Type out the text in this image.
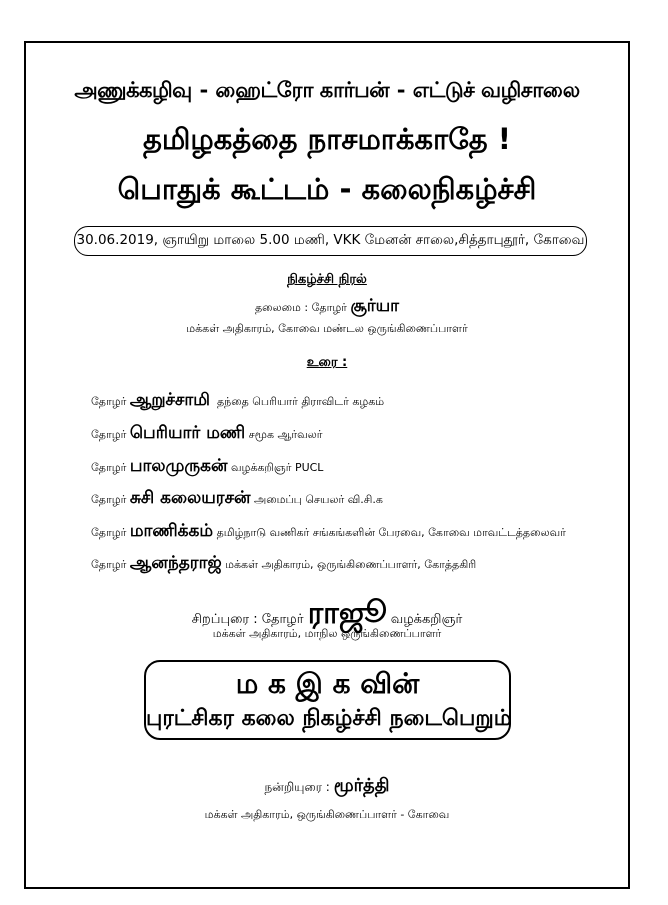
அணுக்கழிவு ⁃ ஹைட்ரோ கார்பன் ⁃ எட்டுச் வழிசாலை
தமிழகத்தை நாசமாக்காதே !
பொதுக் கூட்டம் - கலைநிகழ்ச்சி
30.06.2019, ஞாயிறு மாலை 5.00 மணி, VKK மேனன் சாலை,சித்தாபுதூர், கோவை
நிகழ்ச்சி நிரல்
தலைமை : தோழர் சூர்யா
மக்கள் அதிகாரம், கோவை மண்டல ஒருங்கிணைப்பாளர்
உரை :
தோழர் ஆறுச்சாமி தந்தை பெரியார் திராவிடர் கழகம்
தோழர் பெரியார் மணி சமூக ஆர்வலர்
தோழர் பாலமுருகன் வழக்கறிஞர் PUCL
தோழர் சுசி கலையரசன் அமைப்பு செயலர் வி.சி.க
தோழர் மாணிக்கம் தமிழ்நாடு வணிகர் சங்கங்களின் பேரவை, கோவை மாவட்டத்தலைவர்
தோழர் ஆனந்தராஜ் மக்கள் அதிகாரம், ஒருங்கிணைப்பாளர், கோத்தகிரி
சிறப்புரை : தோழர் ராஜூ வழக்கறிஞர்
மக்கள் அதிகாரம், மாநில ஒருங்கிணைப்பாளர்
ம க இ க வின்
புரட்சிகர கலை நிகழ்ச்சி நடைபெறும்
நன்றியுரை : மூர்த்தி
மக்கள் அதிகாரம், ஒருங்கிணைப்பாளர் - கோவை
